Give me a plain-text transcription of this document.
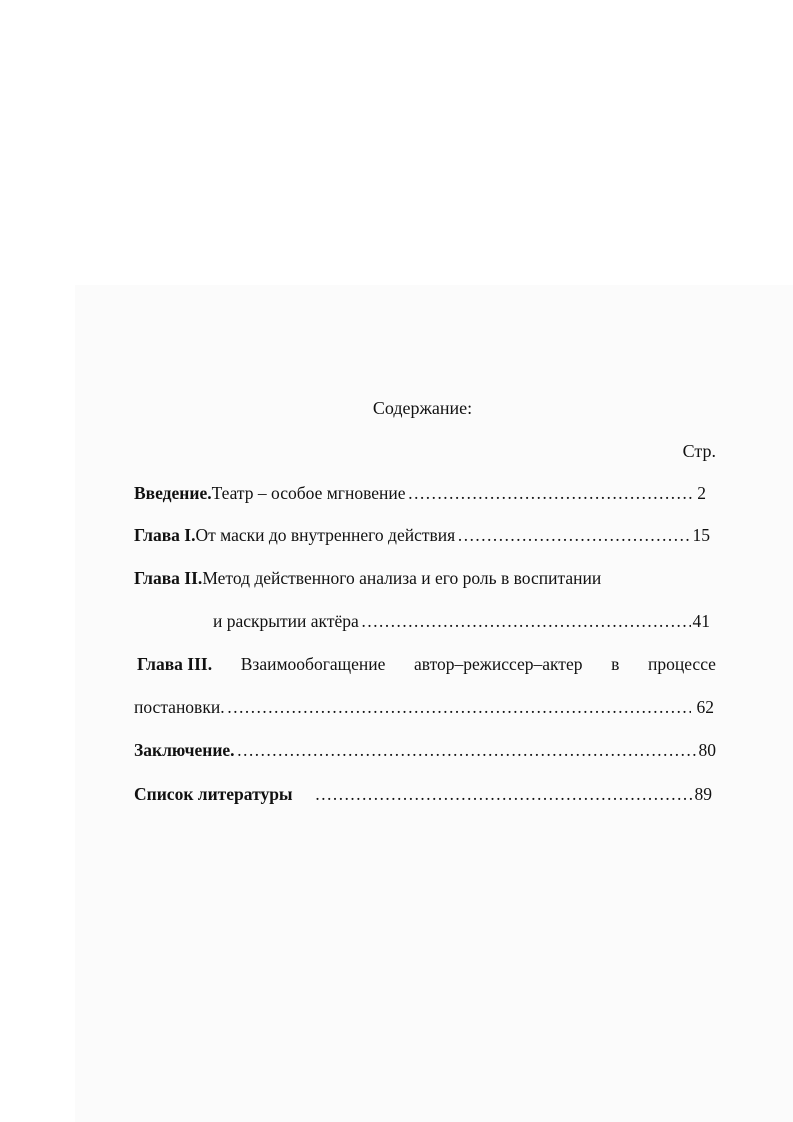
Содержание:
Стр.
Введение. Театр – особое мгновение …………………………………………………………………………………………………………………………………………………………………	2
Глава I. От маски до внутреннего действия …………………………………………………………………………………………………………………………………………………………………	15
Глава II. Метод действенного анализа и его роль в воспитании
и раскрытии актёра …………………………………………………………………………………………………………………………………………………………………	41
Глава III. Взаимообогащение автор–режиссер–актер в процессе
постановки. …………………………………………………………………………………………………………………………………………………………………	62
Заключение. …………………………………………………………………………………………………………………………………………………………………	80
Список литературы …………………………………………………………………………………………………………………………………………………………………	89
